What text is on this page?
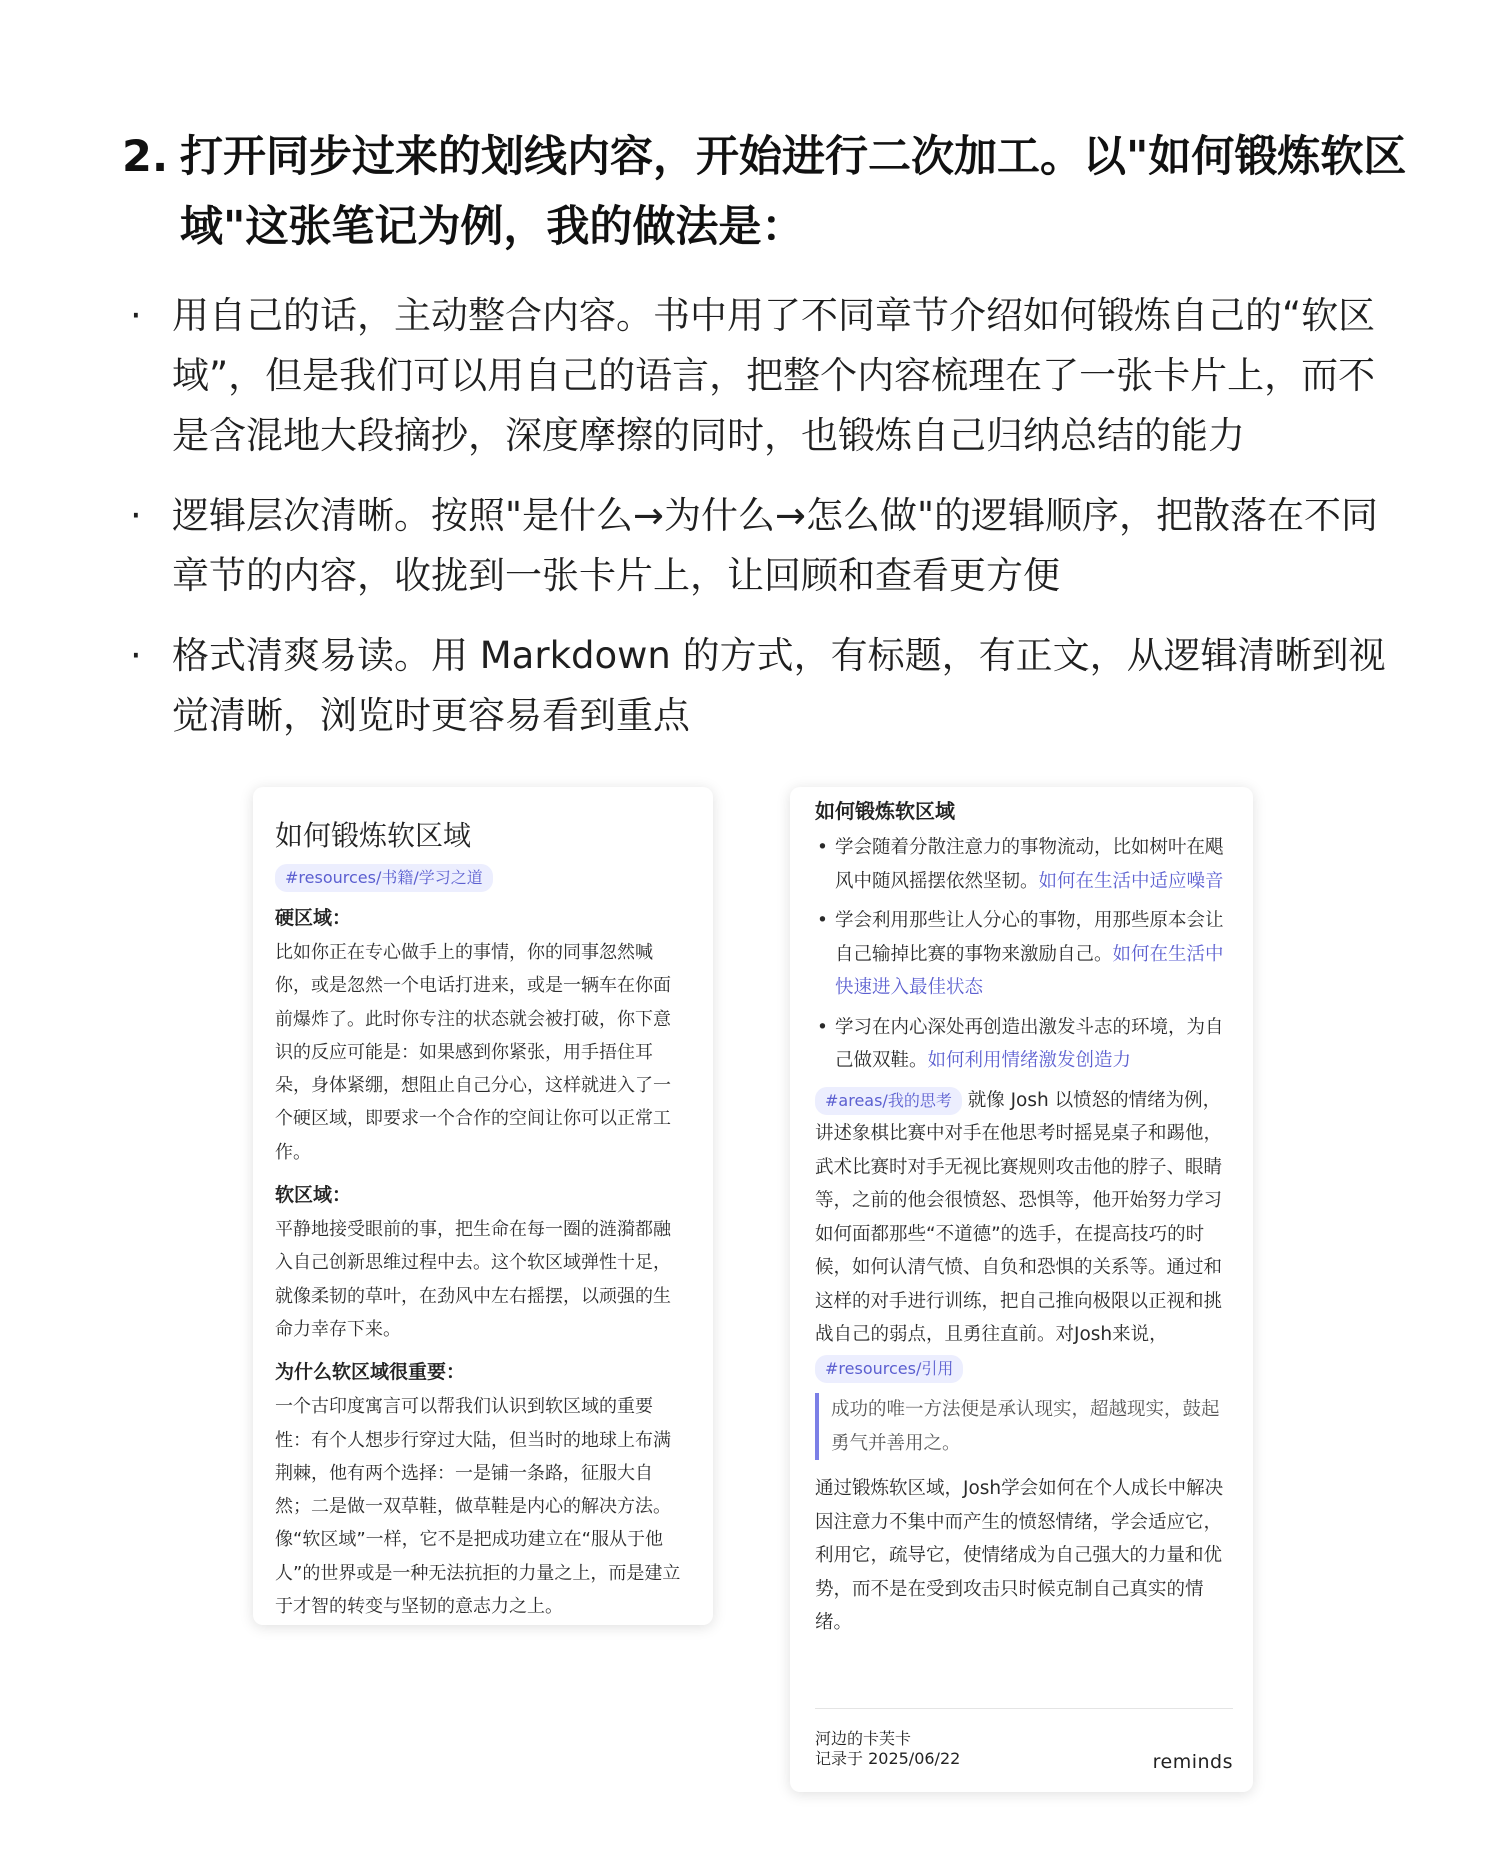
2. 打开同步过来的划线内容，开始进行二次加工。以"如何锻炼软区域"这张笔记为例，我的做法是：
· 用自己的话，主动整合内容。书中用了不同章节介绍如何锻炼自己的“软区域”，但是我们可以用自己的语言，把整个内容梳理在了一张卡片上，而不是含混地大段摘抄，深度摩擦的同时，也锻炼自己归纳总结的能力
· 逻辑层次清晰。按照"是什么→为什么→怎么做"的逻辑顺序，把散落在不同章节的内容，收拢到一张卡片上，让回顾和查看更方便
· 格式清爽易读。用 Markdown 的方式，有标题，有正文，从逻辑清晰到视觉清晰，浏览时更容易看到重点
如何锻炼软区域
#resources/书籍/学习之道
硬区域：
比如你正在专心做手上的事情，你的同事忽然喊你，或是忽然一个电话打进来，或是一辆车在你面前爆炸了。此时你专注的状态就会被打破，你下意识的反应可能是：如果感到你紧张，用手捂住耳朵，身体紧绷，想阻止自己分心，这样就进入了一个硬区域，即要求一个合作的空间让你可以正常工作。
软区域：
平静地接受眼前的事，把生命在每一圈的涟漪都融入自己创新思维过程中去。这个软区域弹性十足，就像柔韧的草叶，在劲风中左右摇摆，以顽强的生命力幸存下来。
为什么软区域很重要：
一个古印度寓言可以帮我们认识到软区域的重要性：有个人想步行穿过大陆，但当时的地球上布满荆棘，他有两个选择：一是铺一条路，征服大自然；二是做一双草鞋，做草鞋是内心的解决方法。像“软区域”一样，它不是把成功建立在“服从于他人”的世界或是一种无法抗拒的力量之上，而是建立于才智的转变与坚韧的意志力之上。
如何锻炼软区域
• 学会随着分散注意力的事物流动，比如树叶在飓风中随风摇摆依然坚韧。如何在生活中适应噪音
• 学会利用那些让人分心的事物，用那些原本会让自己输掉比赛的事物来激励自己。如何在生活中快速进入最佳状态
• 学习在内心深处再创造出激发斗志的环境，为自己做双鞋。如何利用情绪激发创造力
#areas/我的思考 就像 Josh 以愤怒的情绪为例，讲述象棋比赛中对手在他思考时摇晃桌子和踢他，武术比赛时对手无视比赛规则攻击他的脖子、眼睛等，之前的他会很愤怒、恐惧等，他开始努力学习如何面都那些“不道德”的选手，在提高技巧的时候，如何认清气愤、自负和恐惧的关系等。通过和这样的对手进行训练，把自己推向极限以正视和挑战自己的弱点，且勇往直前。对Josh来说， #resources/引用
成功的唯一方法便是承认现实，超越现实，鼓起勇气并善用之。
通过锻炼软区域，Josh学会如何在个人成长中解决因注意力不集中而产生的愤怒情绪，学会适应它，利用它，疏导它，使情绪成为自己强大的力量和优势，而不是在受到攻击只时候克制自己真实的情绪。
河边的卡芙卡
记录于 2025/06/22	reminds
